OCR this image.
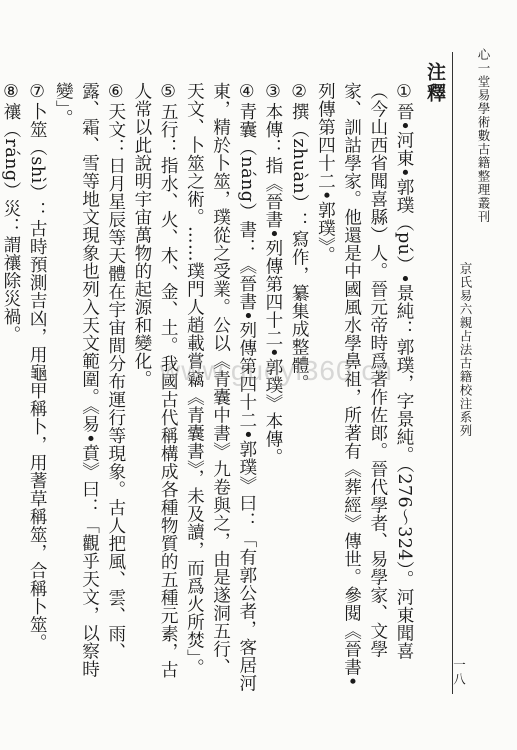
心一堂易學術數古籍整理叢刊
京氏易六親占法古籍校注系列
注釋

①晉•河東•郭璞（pú）•景純：郭璞，字景純。（276～324）。河東聞喜（今山西省聞喜縣）人。晉元帝時爲著作佐郎。晉代學者、易學家、文學家、訓詁學家。他還是中國風水學鼻祖，所著有《葬經》傳世。參閱《晉書•列傳第四十二•郭璞》。

②撰（zhuàn）：寫作，纂集成整體。

③本傳：指《晉書•列傳第四十二•郭璞》本傳。

④青囊（náng）書：《晉書•列傳第四十二•郭璞》曰：「有郭公者，客居河東，精於卜筮，璞從之受業。公以《青囊中書》九卷與之，由是遂洞五行、天文、卜筮之術。……璞門人趙載嘗竊《青囊書》，未及讀，而爲火所焚」。

⑤五行：指水、火、木、金、土。我國古代稱構成各種物質的五種元素，古人常以此說明宇宙萬物的起源和變化。

⑥天文：日月星辰等天體在宇宙間分布運行等現象。古人把風、雲、雨、露、霜、雪等地文現象也列入天文範圍。《易•賁》曰：「觀乎天文，以察時變」。

⑦卜筮（shì）：古時預測吉凶，用龜甲稱卜，用蓍草稱筮，合稱卜筮。

⑧禳（ráng）災：謂禳除災禍。

www.guoyi360.cn
一八
